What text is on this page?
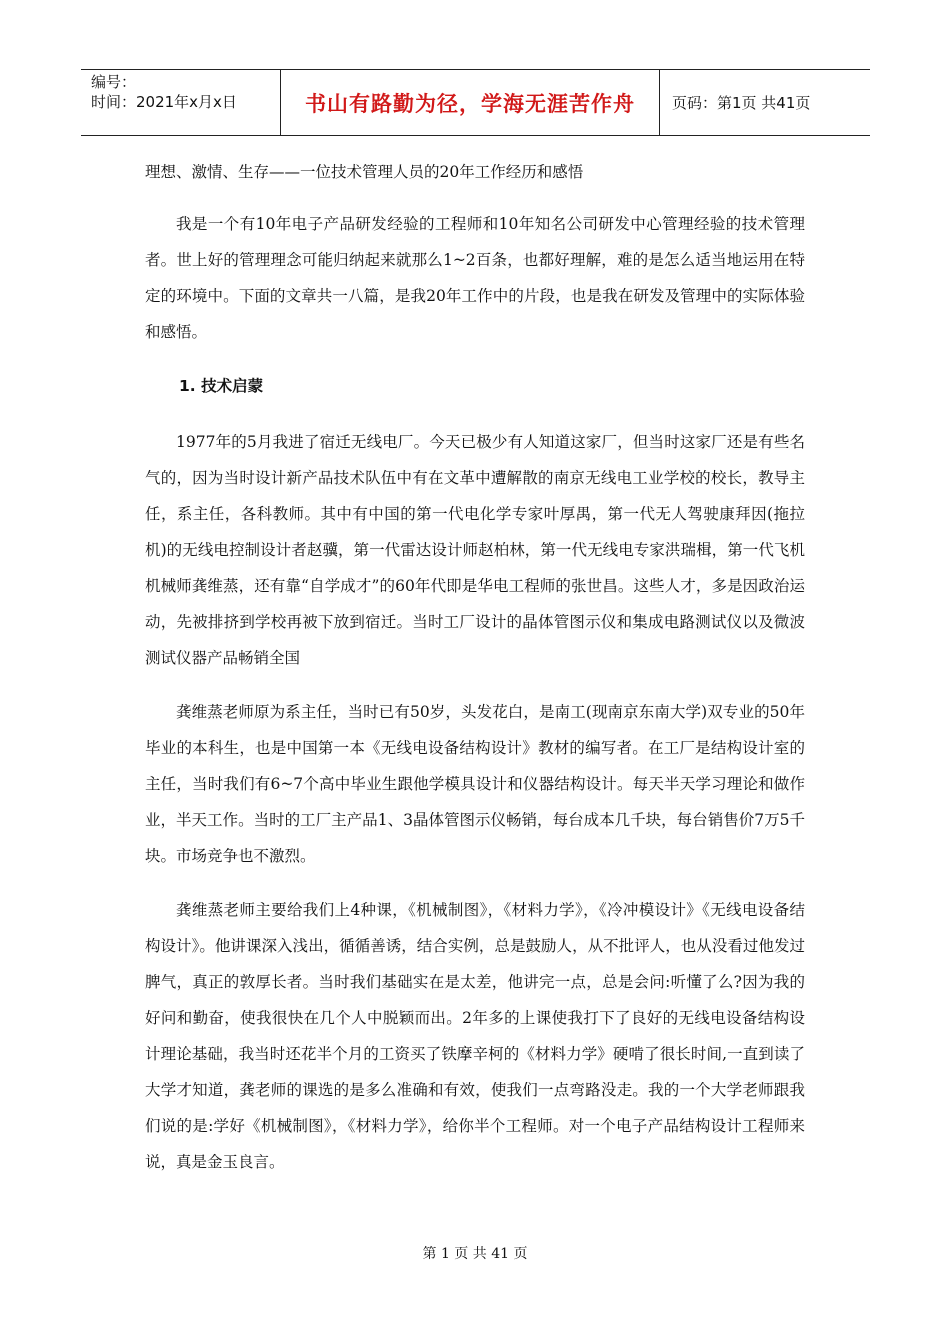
编号：
时间：2021年x月x日	书山有路勤为径，学海无涯苦作舟	页码：第1页 共41页
理想、激情、生存——一位技术管理人员的20年工作经历和感悟

我是一个有10年电子产品研发经验的工程师和10年知名公司研发中心管理经验的技术管理者。世上好的管理理念可能归纳起来就那么1~2百条，也都好理解，难的是怎么适当地运用在特定的环境中。下面的文章共一八篇，是我20年工作中的片段，也是我在研发及管理中的实际体验和感悟。

1. 技术启蒙

1977年的5月我进了宿迁无线电厂。今天已极少有人知道这家厂，但当时这家厂还是有些名气的，因为当时设计新产品技术队伍中有在文革中遭解散的南京无线电工业学校的校长，教导主任，系主任，各科教师。其中有中国的第一代电化学专家叶厚禺，第一代无人驾驶康拜因(拖拉机)的无线电控制设计者赵骥，第一代雷达设计师赵柏林，第一代无线电专家洪瑞楫，第一代飞机机械师龚维蒸，还有靠“自学成才”的60年代即是华电工程师的张世昌。这些人才，多是因政治运动，先被排挤到学校再被下放到宿迁。当时工厂设计的晶体管图示仪和集成电路测试仪以及微波测试仪器产品畅销全国

龚维蒸老师原为系主任，当时已有50岁，头发花白，是南工(现南京东南大学)双专业的50年毕业的本科生，也是中国第一本《无线电设备结构设计》教材的编写者。在工厂是结构设计室的主任，当时我们有6~7个高中毕业生跟他学模具设计和仪器结构设计。每天半天学习理论和做作业，半天工作。当时的工厂主产品1、3晶体管图示仪畅销，每台成本几千块，每台销售价7万5千块。市场竞争也不激烈。

龚维蒸老师主要给我们上4种课，《机械制图》，《材料力学》，《冷冲模设计》《无线电设备结构设计》。他讲课深入浅出，循循善诱，结合实例，总是鼓励人，从不批评人，也从没看过他发过脾气，真正的敦厚长者。当时我们基础实在是太差，他讲完一点，总是会问:听懂了么?因为我的好问和勤奋，使我很快在几个人中脱颖而出。2年多的上课使我打下了良好的无线电设备结构设计理论基础，我当时还花半个月的工资买了铁摩辛柯的《材料力学》硬啃了很长时间,一直到读了大学才知道，龚老师的课选的是多么准确和有效，使我们一点弯路没走。我的一个大学老师跟我们说的是:学好《机械制图》，《材料力学》，给你半个工程师。对一个电子产品结构设计工程师来说，真是金玉良言。

第 1 页 共 41 页
